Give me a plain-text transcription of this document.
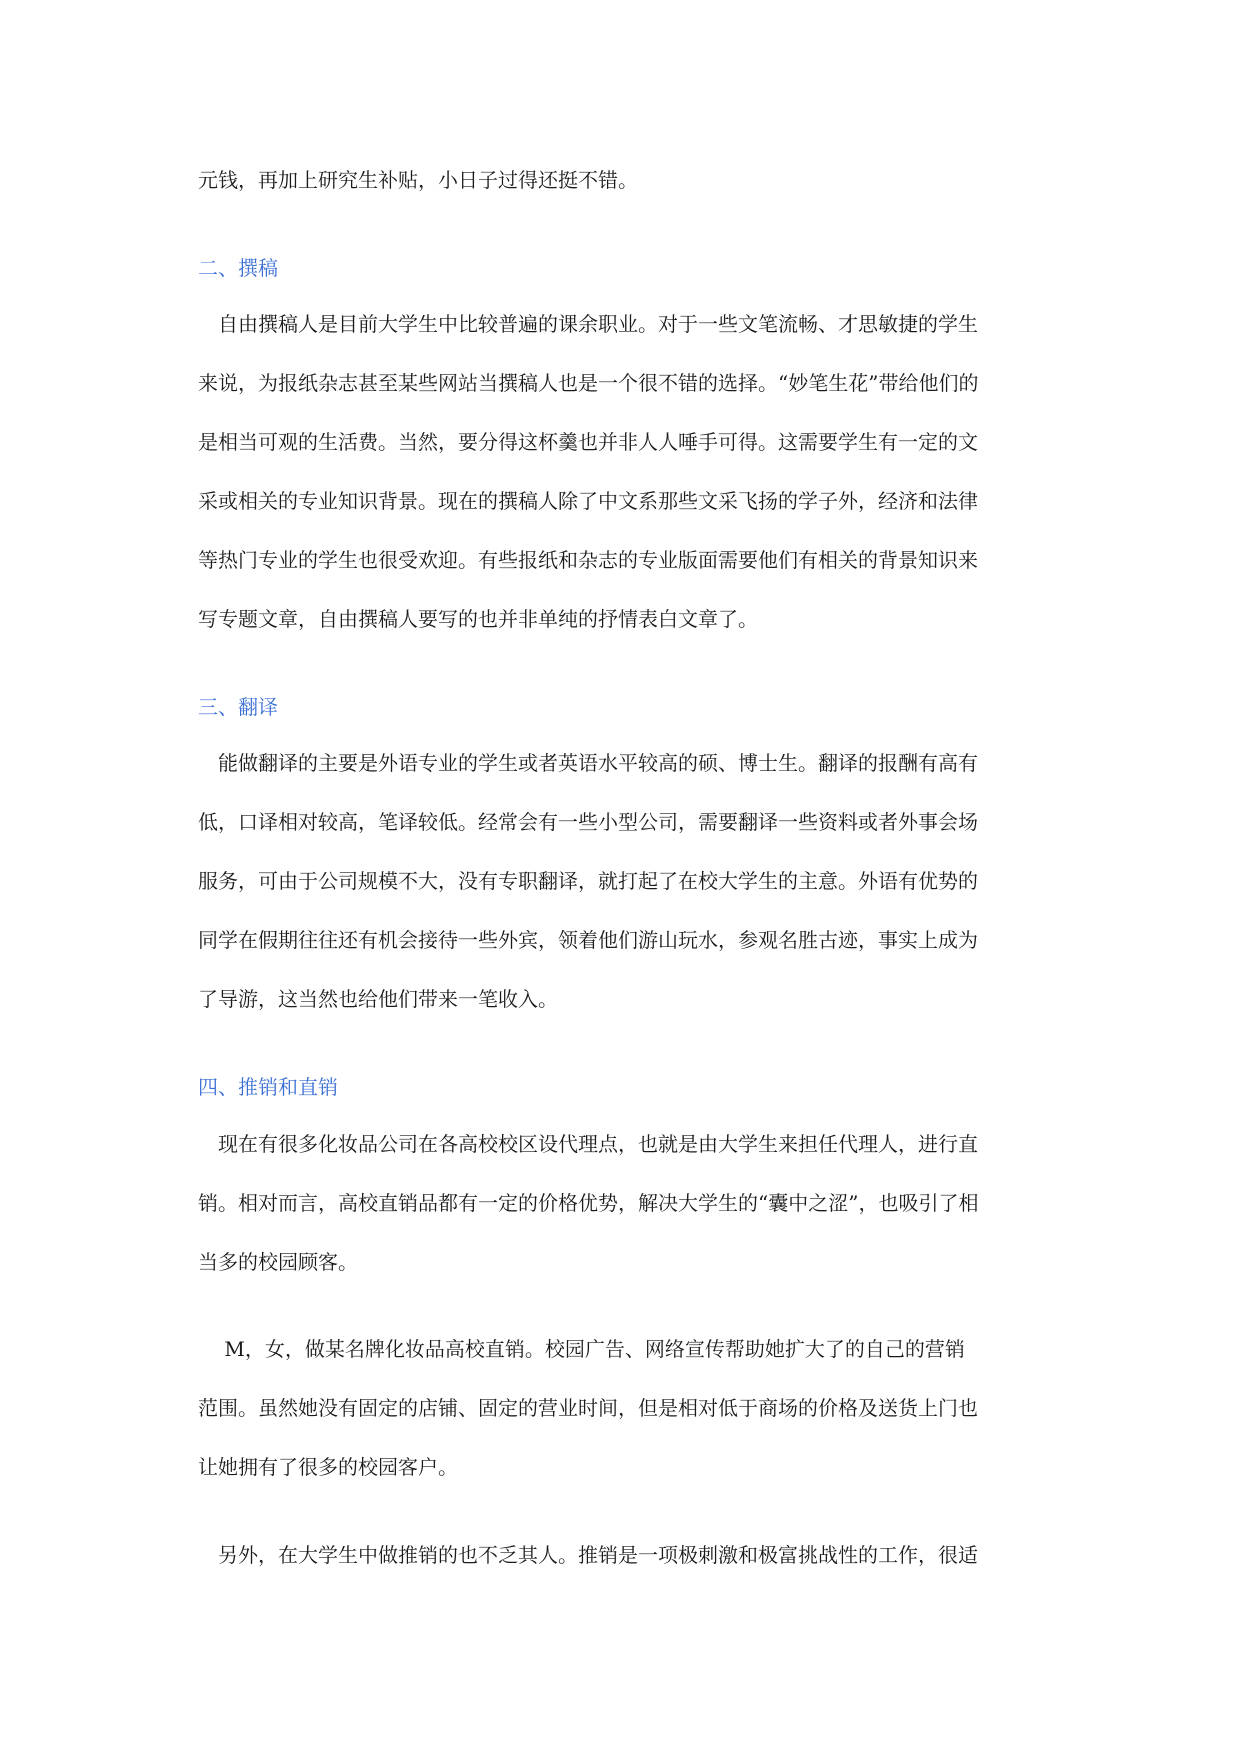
元钱，再加上研究生补贴，小日子过得还挺不错。
二、撰稿
　自由撰稿人是目前大学生中比较普遍的课余职业。对于一些文笔流畅、才思敏捷的学生
来说，为报纸杂志甚至某些网站当撰稿人也是一个很不错的选择。“妙笔生花”带给他们的
是相当可观的生活费。当然，要分得这杯羹也并非人人唾手可得。这需要学生有一定的文
采或相关的专业知识背景。现在的撰稿人除了中文系那些文采飞扬的学子外，经济和法律
等热门专业的学生也很受欢迎。有些报纸和杂志的专业版面需要他们有相关的背景知识来
写专题文章，自由撰稿人要写的也并非单纯的抒情表白文章了。
三、翻译
　能做翻译的主要是外语专业的学生或者英语水平较高的硕、博士生。翻译的报酬有高有
低，口译相对较高，笔译较低。经常会有一些小型公司，需要翻译一些资料或者外事会场
服务，可由于公司规模不大，没有专职翻译，就打起了在校大学生的主意。外语有优势的
同学在假期往往还有机会接待一些外宾，领着他们游山玩水，参观名胜古迹，事实上成为
了导游，这当然也给他们带来一笔收入。
四、推销和直销
　现在有很多化妆品公司在各高校校区设代理点，也就是由大学生来担任代理人，进行直
销。相对而言，高校直销品都有一定的价格优势，解决大学生的“囊中之涩”，也吸引了相
当多的校园顾客。
　 M，女，做某名牌化妆品高校直销。校园广告、网络宣传帮助她扩大了的自己的营销
范围。虽然她没有固定的店铺、固定的营业时间，但是相对低于商场的价格及送货上门也
让她拥有了很多的校园客户。
　另外，在大学生中做推销的也不乏其人。推销是一项极刺激和极富挑战性的工作，很适
